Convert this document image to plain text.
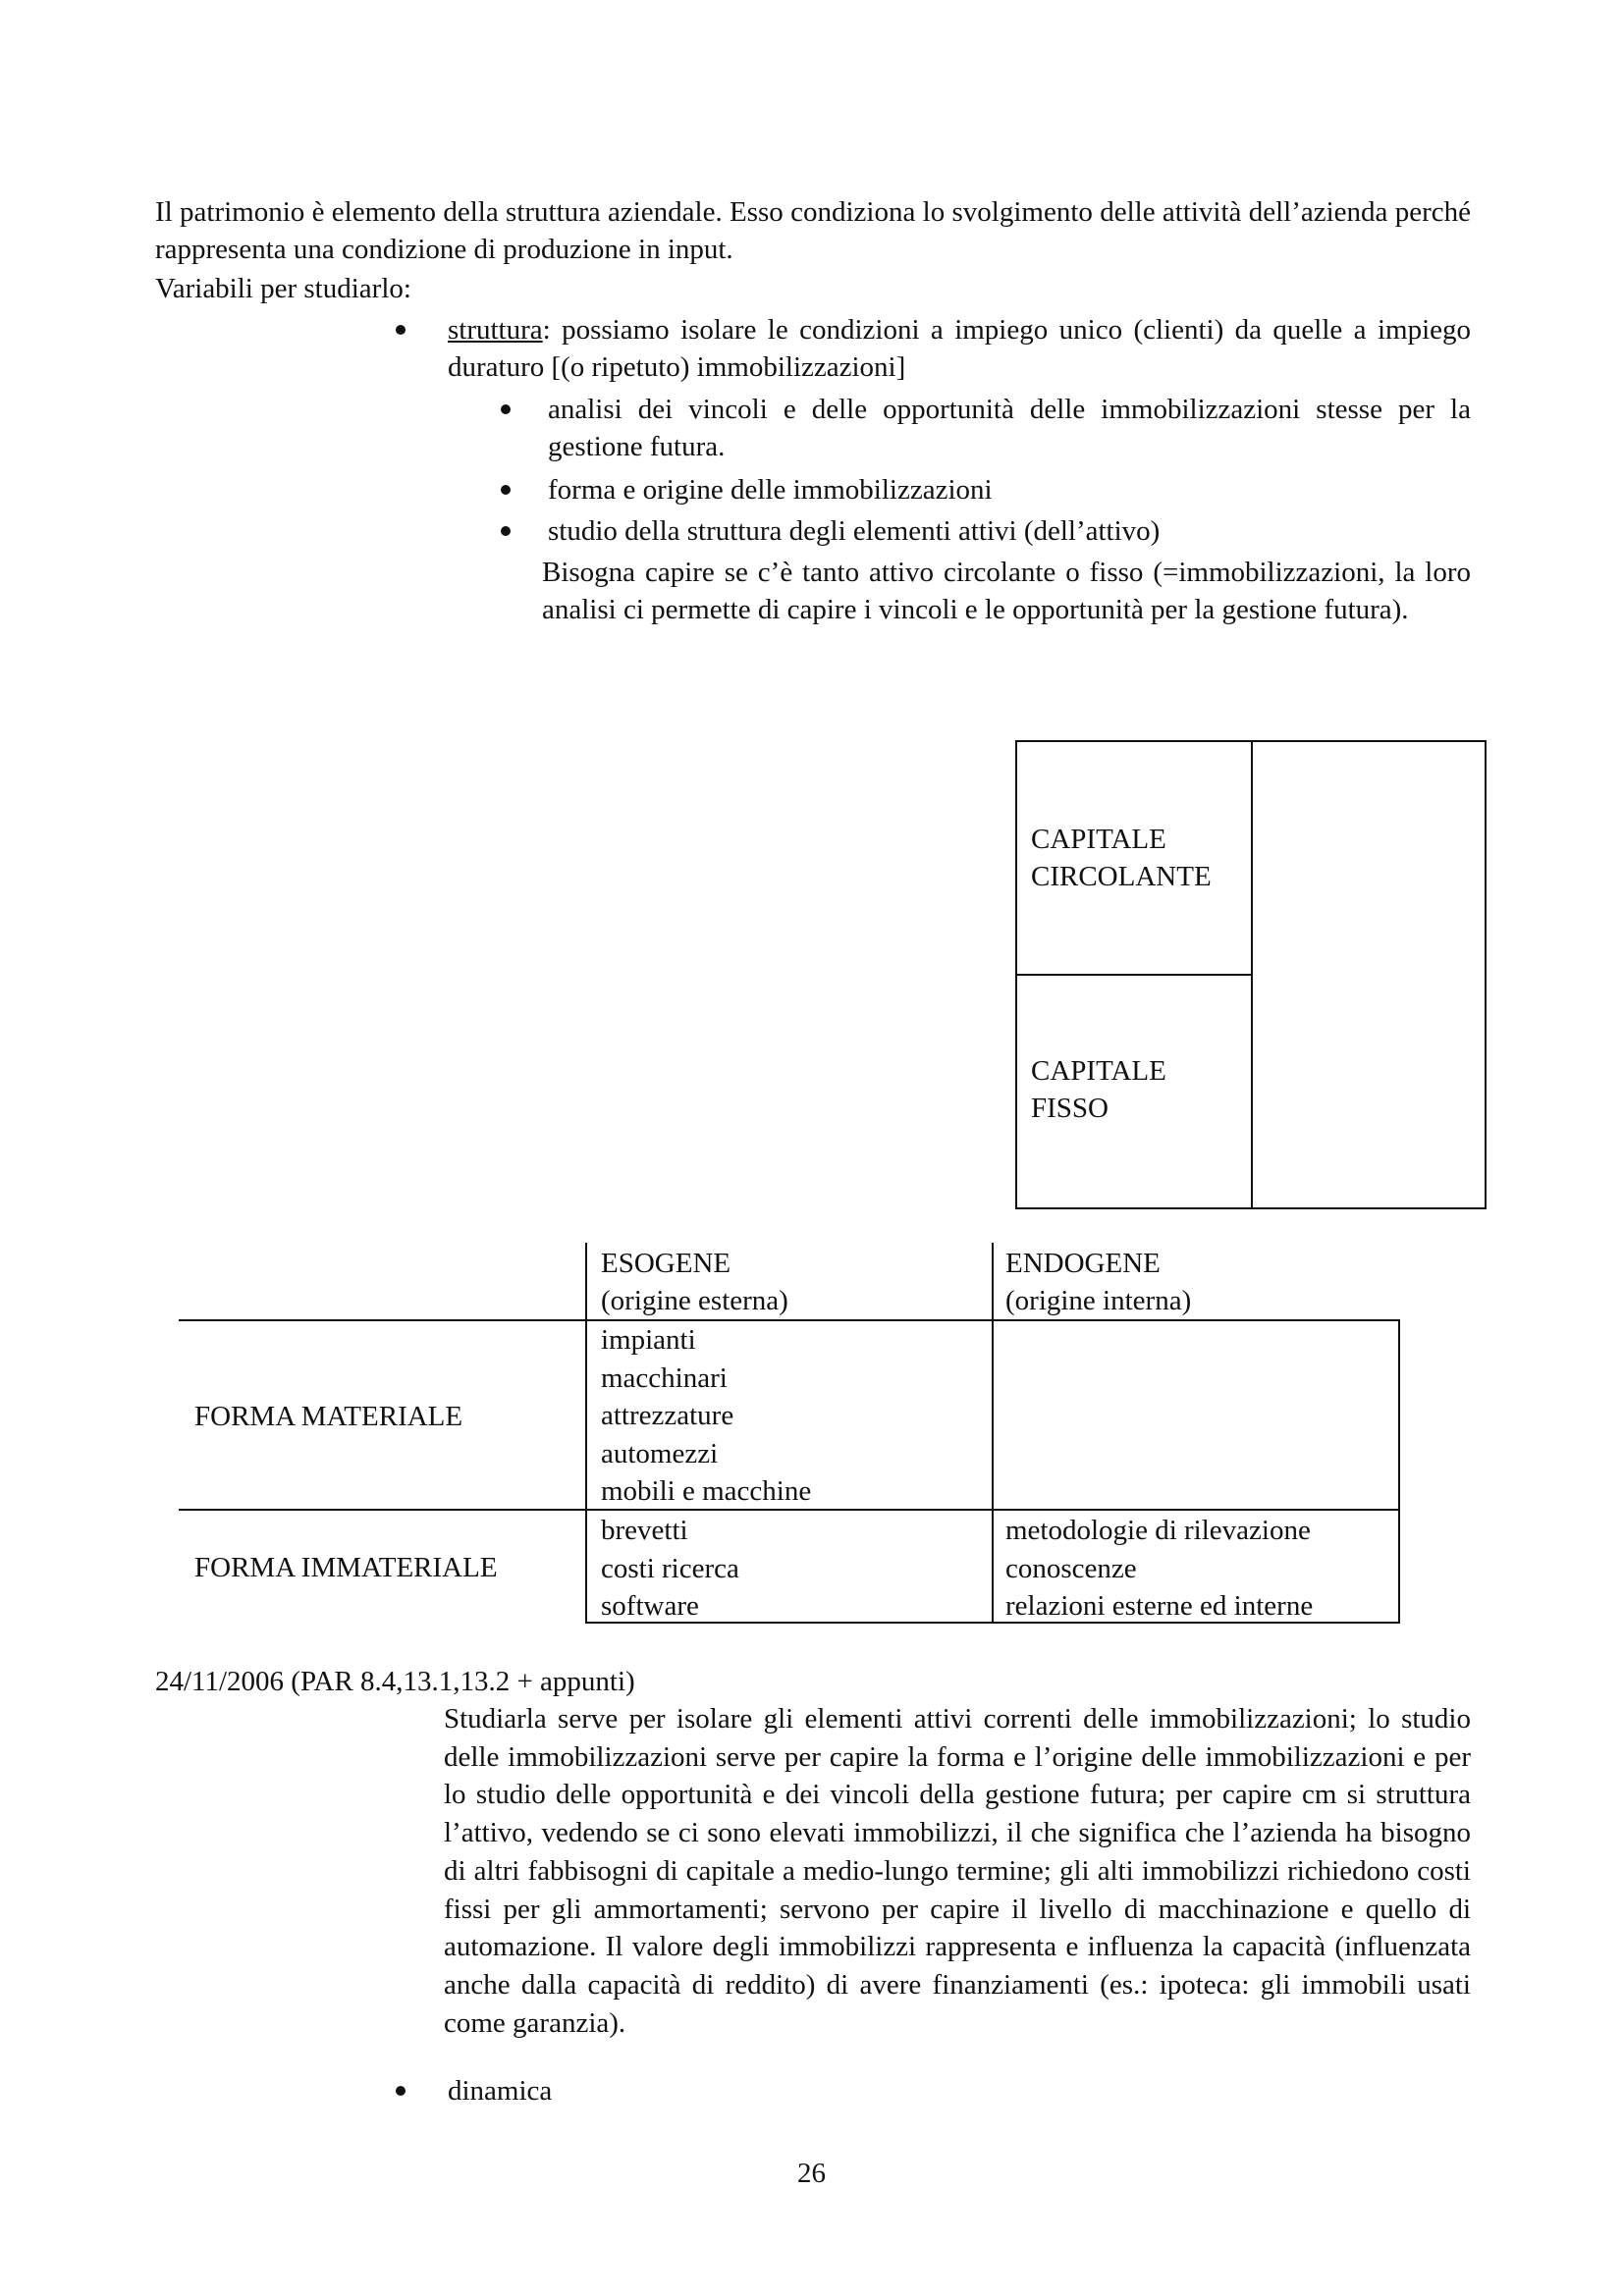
Il patrimonio è elemento della struttura aziendale. Esso condiziona lo svolgimento delle attività dell’azienda perché rappresenta una condizione di produzione in input.
Variabili per studiarlo:
struttura: possiamo isolare le condizioni a impiego unico (clienti) da quelle a impiego duraturo [(o ripetuto) immobilizzazioni]
analisi dei vincoli e delle opportunità delle immobilizzazioni stesse per la gestione futura.
forma e origine delle immobilizzazioni
studio della struttura degli elementi attivi (dell’attivo)
Bisogna capire se c’è tanto attivo circolante o fisso (=immobilizzazioni, la loro analisi ci permette di capire i vincoli e le opportunità per la gestione futura).
CAPITALE
CIRCOLANTE
CAPITALE
FISSO
ESOGENE
(origine esterna)
ENDOGENE
(origine interna)
FORMA MATERIALE
impianti
macchinari
attrezzature
automezzi
mobili e macchine
FORMA IMMATERIALE
brevetti
costi ricerca
software
metodologie di rilevazione
conoscenze
relazioni esterne ed interne
24/11/2006 (PAR 8.4,13.1,13.2 + appunti)
Studiarla serve per isolare gli elementi attivi correnti delle immobilizzazioni; lo studio delle immobilizzazioni serve per capire la forma e l’origine delle immobilizzazioni e per lo studio delle opportunità e dei vincoli della gestione futura; per capire cm si struttura l’attivo, vedendo se ci sono elevati immobilizzi, il che significa che l’azienda ha bisogno di altri fabbisogni di capitale a medio-lungo termine; gli alti immobilizzi richiedono costi fissi per gli ammortamenti; servono per capire il livello di macchinazione e quello di automazione. Il valore degli immobilizzi rappresenta e influenza la capacità (influenzata anche dalla capacità di reddito) di avere finanziamenti (es.: ipoteca: gli immobili usati come garanzia).
dinamica
26
